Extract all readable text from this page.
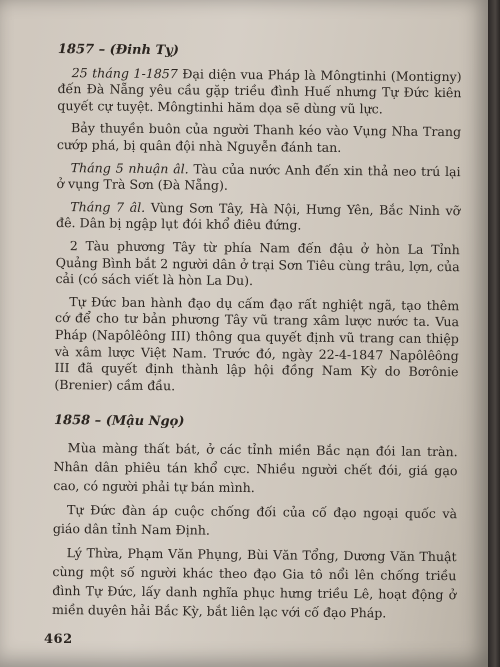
1857 – (Đinh Tỵ)

25 tháng 1-1857 Đại diện vua Pháp là Môngtinhi (Montigny) đến Đà Nẵng yêu cầu gặp triều đình Huế nhưng Tự Đức kiên quyết cự tuyệt. Môngtinhi hăm dọa sẽ dùng vũ lực.

Bảy thuyền buôn của người Thanh kéo vào Vụng Nha Trang cướp phá, bị quân đội nhà Nguyễn đánh tan.

Tháng 5 nhuận âl. Tàu của nước Anh đến xin thả neo trú lại ở vụng Trà Sơn (Đà Nẵng).

Tháng 7 âl. Vùng Sơn Tây, Hà Nội, Hưng Yên, Bắc Ninh vỡ đê. Dân bị ngập lụt đói khổ điêu đứng.

2 Tàu phương Tây từ phía Nam đến đậu ở hòn La Tỉnh Quảng Bình bắt 2 người dân ở trại Sơn Tiêu cùng trâu, lợn, của cải (có sách viết là hòn La Du).

Tự Đức ban hành đạo dụ cấm đạo rất nghiệt ngã, tạo thêm cớ để cho tư bản phương Tây vũ trang xâm lược nước ta. Vua Pháp (Napôlêông III) thông qua quyết định vũ trang can thiệp và xâm lược Việt Nam. Trước đó, ngày 22-4-1847 Napôlêông III đã quyết định thành lập hội đồng Nam Kỳ do Bơrônie (Brenier) cầm đầu.

1858 – (Mậu Ngọ)

Mùa màng thất bát, ở các tỉnh miền Bắc nạn đói lan tràn. Nhân dân phiêu tán khổ cực. Nhiều người chết đói, giá gạo cao, có người phải tự bán mình.

Tự Đức đàn áp cuộc chống đối của cố đạo ngoại quốc và giáo dân tỉnh Nam Định.

Lý Thừa, Phạm Văn Phụng, Bùi Văn Tổng, Dương Văn Thuật cùng một số người khác theo đạo Gia tô nổi lên chống triều đình Tự Đức, lấy danh nghĩa phục hưng triều Lê, hoạt động ở miền duyên hải Bắc Kỳ, bắt liên lạc với cố đạo Pháp.

462
